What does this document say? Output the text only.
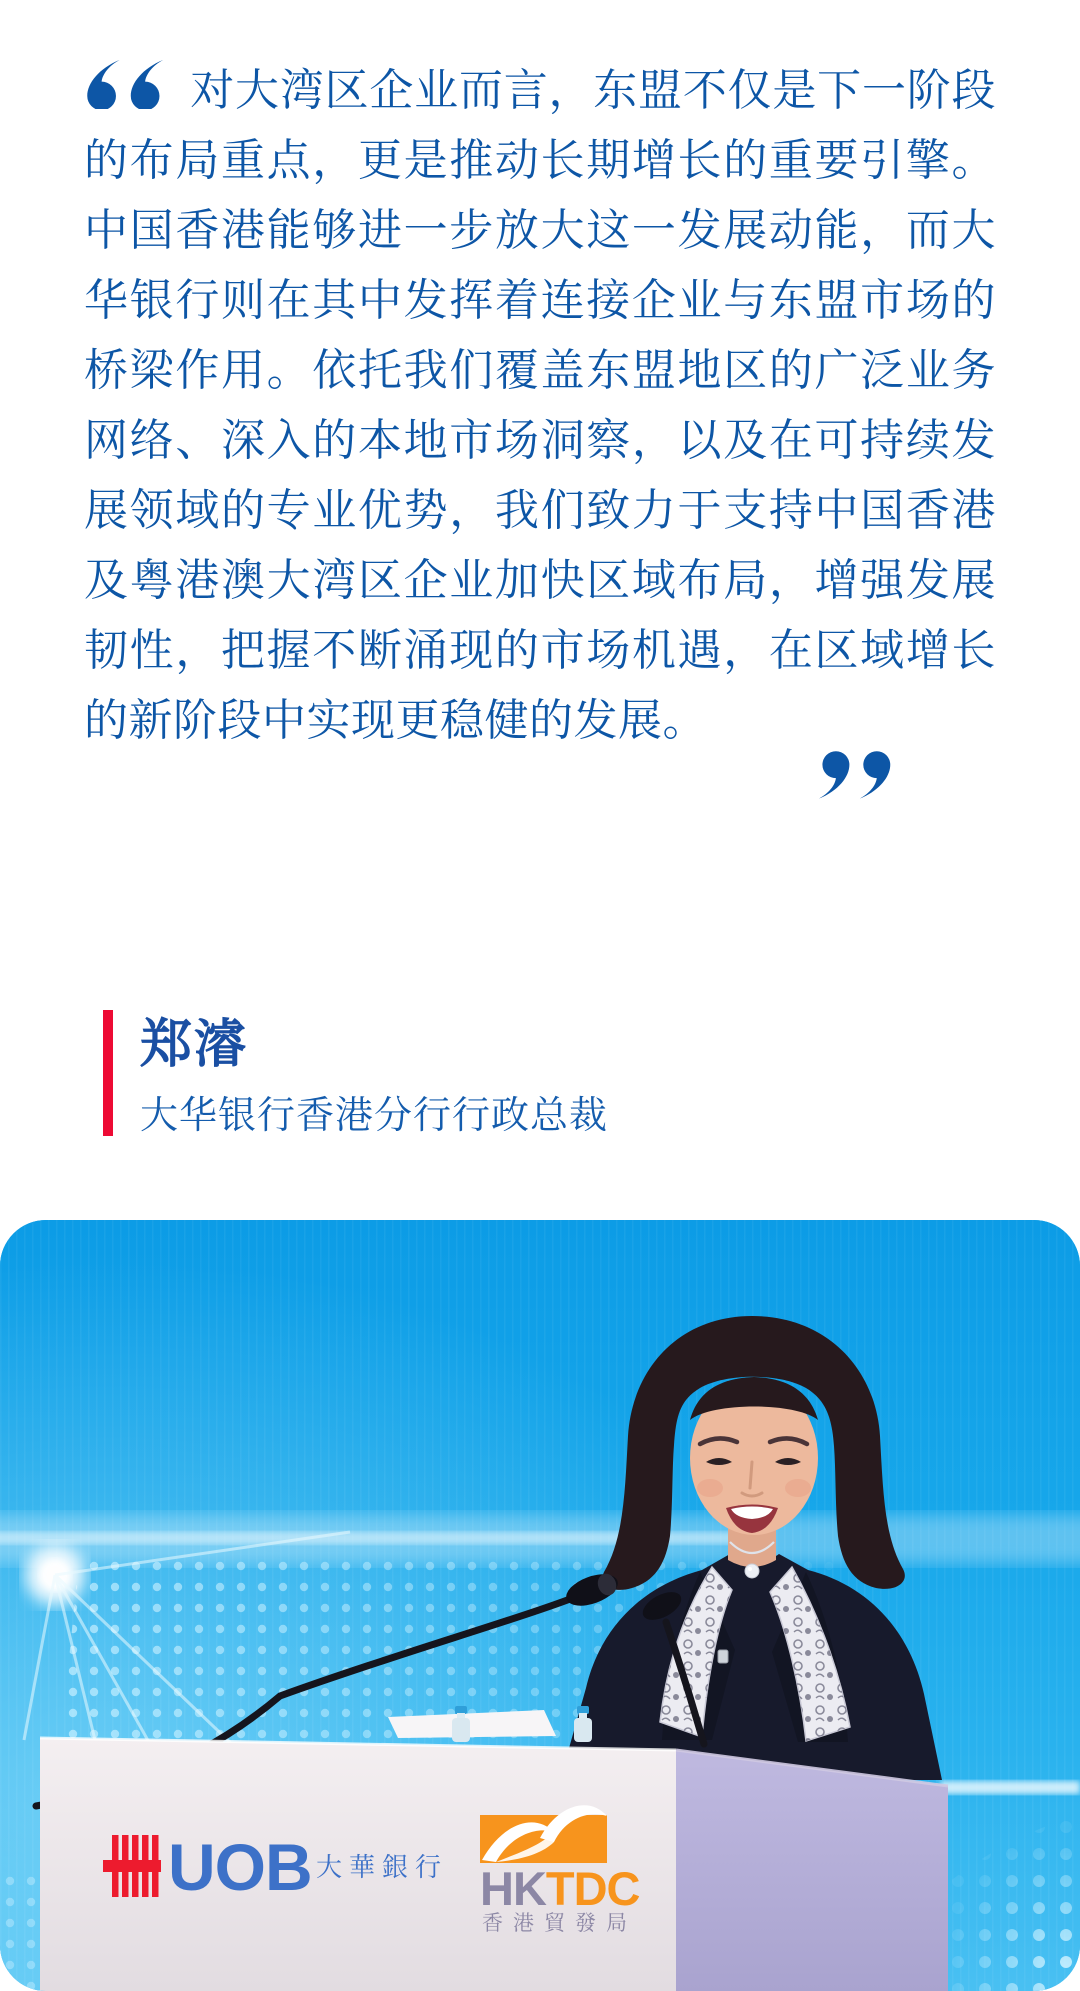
对大湾区企业而言，东盟不仅是下一阶段的布局重点，更是推动长期增长的重要引擎。中国香港能够进一步放大这一发展动能，而大华银行则在其中发挥着连接企业与东盟市场的桥梁作用。依托我们覆盖东盟地区的广泛业务网络、深入的本地市场洞察，以及在可持续发展领域的专业优势，我们致力于支持中国香港及粤港澳大湾区企业加快区域布局，增强发展韧性，把握不断涌现的市场机遇，在区域增长的新阶段中实现更稳健的发展。
郑濬
大华银行香港分行行政总裁
UOB 大華銀行 HKTDC
香港貿發局
